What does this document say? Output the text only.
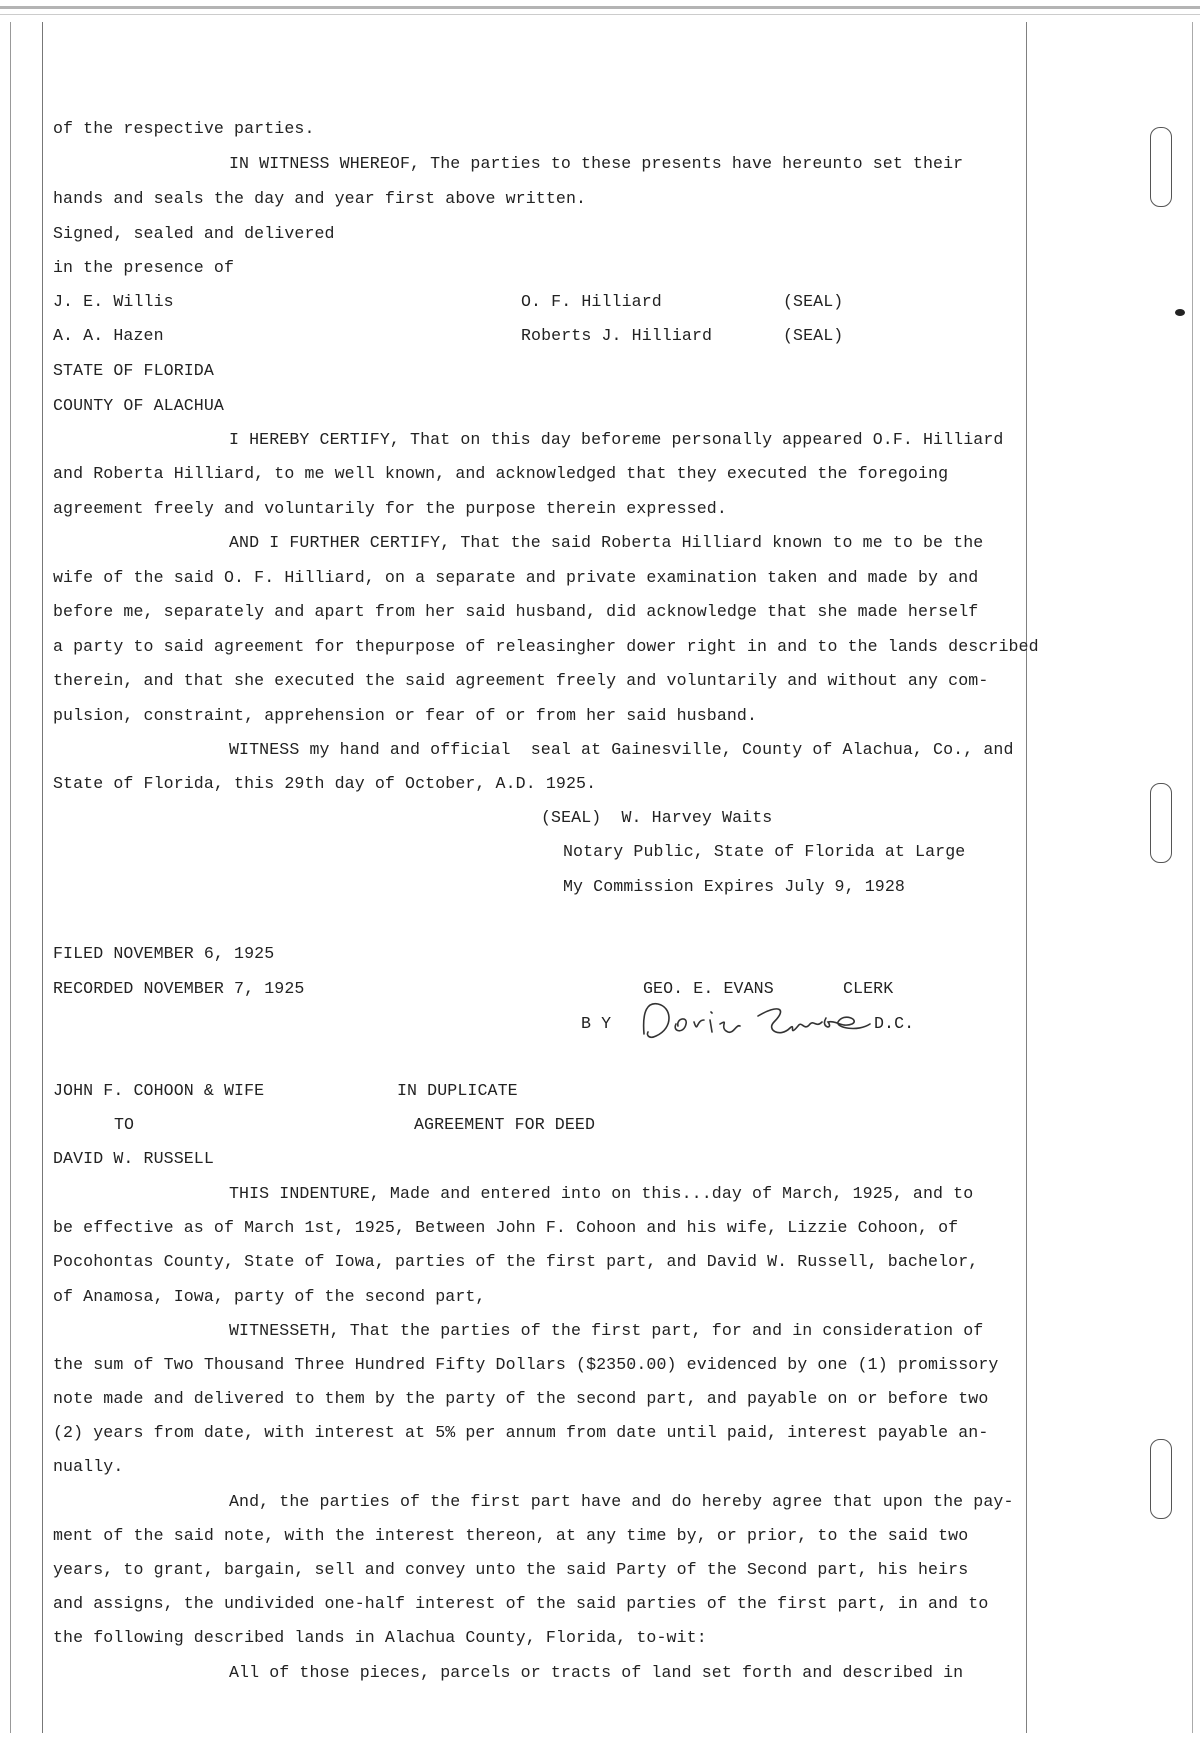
of the respective parties.
IN WITNESS WHEREOF, The parties to these presents have hereunto set their
hands and seals the day and year first above written.
Signed, sealed and delivered
in the presence of
J. E. Willis	O. F. Hilliard	(SEAL)
A. A. Hazen	Roberts J. Hilliard	(SEAL)
STATE OF FLORIDA
COUNTY OF ALACHUA
I HEREBY CERTIFY, That on this day beforeme personally appeared O.F. Hilliard
and Roberta Hilliard, to me well known, and acknowledged that they executed the foregoing
agreement freely and voluntarily for the purpose therein expressed.
AND I FURTHER CERTIFY, That the said Roberta Hilliard known to me to be the
wife of the said O. F. Hilliard, on a separate and private examination taken and made by and
before me, separately and apart from her said husband, did acknowledge that she made herself
a party to said agreement for thepurpose of releasingher dower right in and to the lands described
therein, and that she executed the said agreement freely and voluntarily and without any com-
pulsion, constraint, apprehension or fear of or from her said husband.
WITNESS my hand and official  seal at Gainesville, County of Alachua, Co., and
State of Florida, this 29th day of October, A.D. 1925.
(SEAL)  W. Harvey Waits
Notary Public, State of Florida at Large
My Commission Expires July 9, 1928
FILED NOVEMBER 6, 1925
RECORDED NOVEMBER 7, 1925	GEO. E. EVANS	CLERK
B Y	D.C.
JOHN F. COHOON & WIFE	IN DUPLICATE
TO	AGREEMENT FOR DEED
DAVID W. RUSSELL
THIS INDENTURE, Made and entered into on this...day of March, 1925, and to
be effective as of March 1st, 1925, Between John F. Cohoon and his wife, Lizzie Cohoon, of
Pocohontas County, State of Iowa, parties of the first part, and David W. Russell, bachelor,
of Anamosa, Iowa, party of the second part,
WITNESSETH, That the parties of the first part, for and in consideration of
the sum of Two Thousand Three Hundred Fifty Dollars ($2350.00) evidenced by one (1) promissory
note made and delivered to them by the party of the second part, and payable on or before two
(2) years from date, with interest at 5% per annum from date until paid, interest payable an-
nually.
And, the parties of the first part have and do hereby agree that upon the pay-
ment of the said note, with the interest thereon, at any time by, or prior, to the said two
years, to grant, bargain, sell and convey unto the said Party of the Second part, his heirs
and assigns, the undivided one-half interest of the said parties of the first part, in and to
the following described lands in Alachua County, Florida, to-wit:
All of those pieces, parcels or tracts of land set forth and described in
